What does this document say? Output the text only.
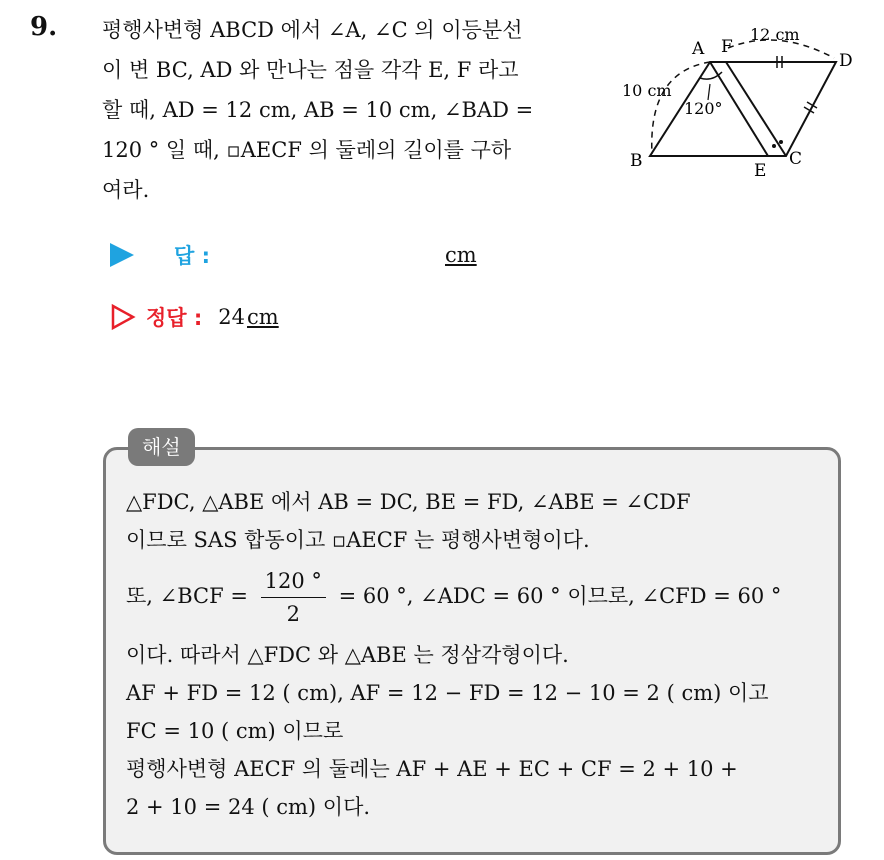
9. 평행사변형 ABCD 에서 ∠A, ∠C 의 이등분선
이 변 BC, AD 와 만나는 점을 각각 E, F 라고
할 때, AD = 12 cm, AB = 10 cm, ∠BAD =
120 ° 일 때, ▫AECF 의 둘레의 길이를 구하
여라.
A F
D
B	E
C
10 cm
12 cm
120°
답 :	cm
정답 : 24 cm
해설
△FDC, △ABE 에서 AB = DC, BE = FD, ∠ABE = ∠CDF
이므로 SAS 합동이고 ▫AECF 는 평행사변형이다.
또, ∠BCF = $\frac{120 ^\circ}{2} = 60$ °, ∠ADC = 60 ° 이므로, ∠CFD = 60 °
이다. 따라서 △FDC 와 △ABE 는 정삼각형이다.
AF + FD = 12 ( cm), AF = 12 − FD = 12 − 10 = 2 ( cm) 이고
FC = 10 ( cm) 이므로
평행사변형 AECF 의 둘레는 AF + AE + EC + CF = 2 + 10 +
2 + 10 = 24 ( cm) 이다.
